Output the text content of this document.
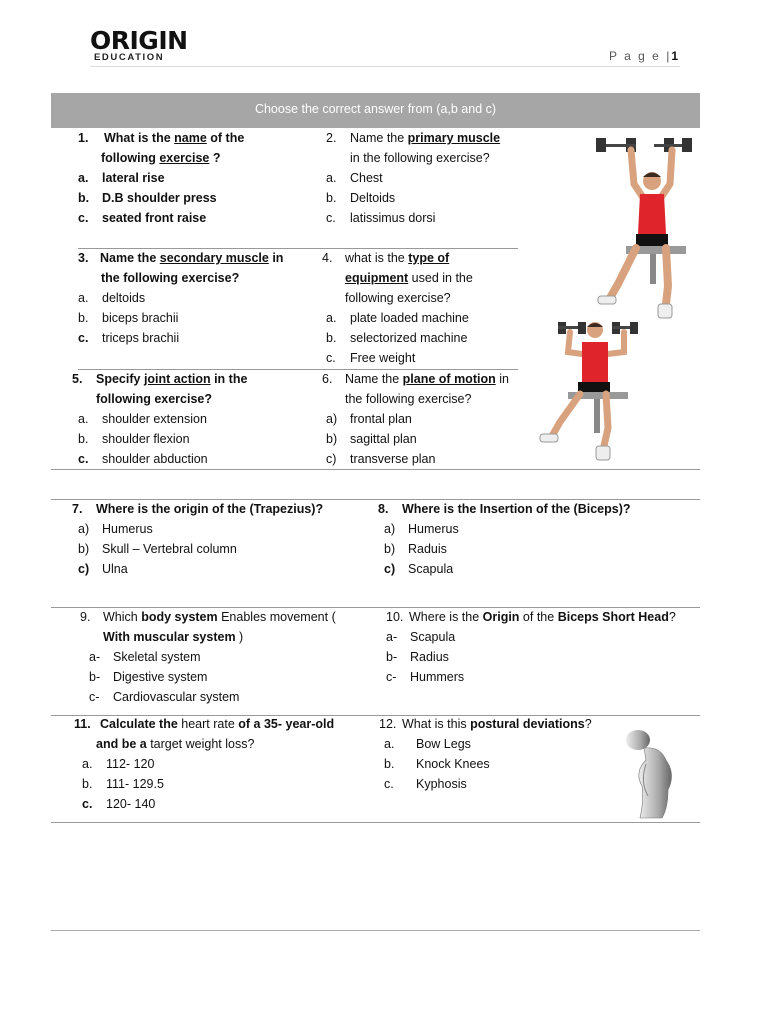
ORIGIN
EDUCATION	P a g e |1
Choose the correct answer from (a,b and c)
1. What is the name of the
following exercise ?
a.	lateral rise
b.	D.B shoulder press
c.	seated front raise
2. Name the primary muscle
in the following exercise?
a.	Chest
b.	Deltoids
c.	latissimus dorsi
3. Name the secondary muscle in
the following exercise?
a.	deltoids
b.	biceps brachii
c.	triceps brachii
4. what is the type of
equipment used in the
following exercise?
a.	plate loaded machine
b.	selectorized machine
c.	Free weight
5. Specify joint action in the
following exercise?
a.	shoulder extension
b.	shoulder flexion
c.	shoulder abduction
6. Name the plane of motion in
the following exercise?
a)	frontal plan
b)	sagittal plan
c)	transverse plan
7. Where is the origin of the (Trapezius)?
a)	Humerus
b)	Skull – Vertebral column
c)	Ulna
8. Where is the Insertion of the (Biceps)?
a)	Humerus
b)	Raduis
c)	Scapula
9. Which body system Enables movement (
With muscular system )
a-	Skeletal system
b-	Digestive system
c-	Cardiovascular system
10. Where is the Origin of the Biceps Short Head?
a-	Scapula
b-	Radius
c-	Hummers
11. Calculate the heart rate of a 35- year-old
and be a target weight loss?
a.	112- 120
b.	111- 129.5
c.	120- 140
12. What is this postural deviations?
a.	Bow Legs
b.	Knock Knees
c.	Kyphosis
